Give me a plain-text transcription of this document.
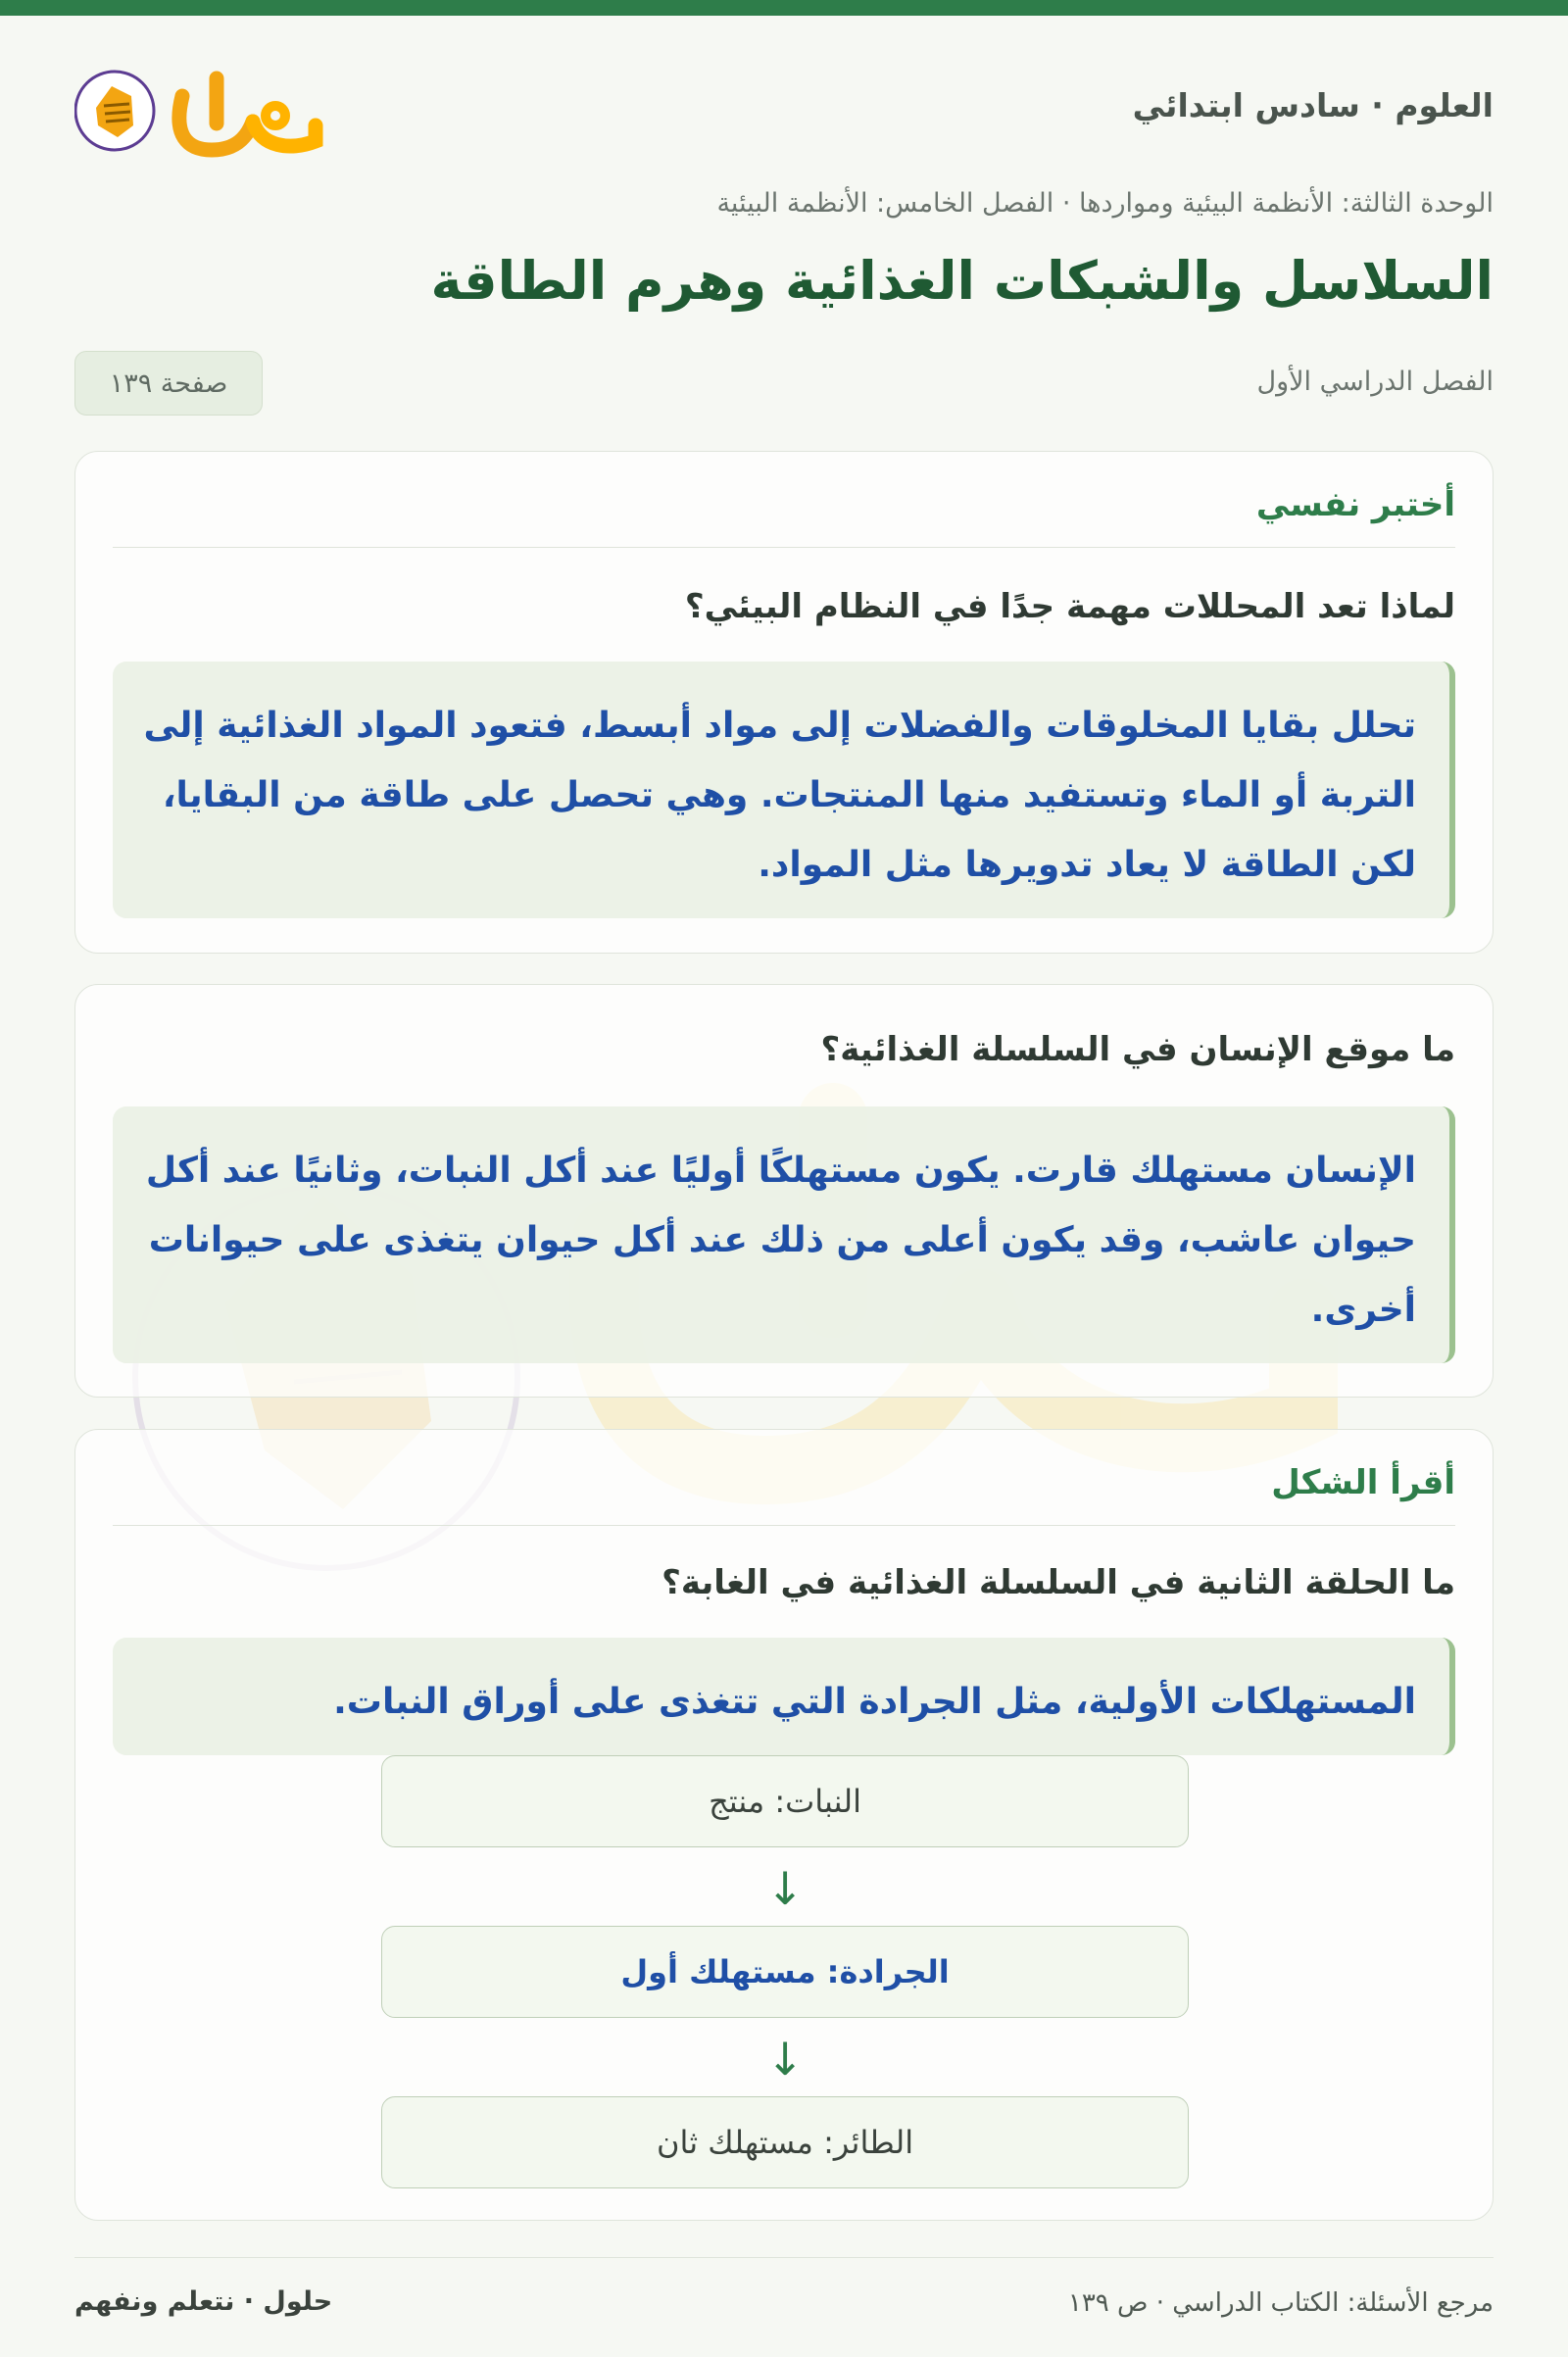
العلوم · سادس ابتدائي
الوحدة الثالثة: الأنظمة البيئية ومواردها · الفصل الخامس: الأنظمة البيئية
السلاسل والشبكات الغذائية وهرم الطاقة
الفصل الدراسي الأول
صفحة ١٣٩
أختبر نفسي
لماذا تعد المحللات مهمة جدًا في النظام البيئي؟
تحلل بقايا المخلوقات والفضلات إلى مواد أبسط، فتعود المواد الغذائية إلى التربة أو الماء وتستفيد منها المنتجات. وهي تحصل على طاقة من البقايا، لكن الطاقة لا يعاد تدويرها مثل المواد.
ما موقع الإنسان في السلسلة الغذائية؟
الإنسان مستهلك قارت. يكون مستهلكًا أوليًا عند أكل النبات، وثانيًا عند أكل حيوان عاشب، وقد يكون أعلى من ذلك عند أكل حيوان يتغذى على حيوانات أخرى.
أقرأ الشكل
ما الحلقة الثانية في السلسلة الغذائية في الغابة؟
المستهلكات الأولية، مثل الجرادة التي تتغذى على أوراق النبات.
النبات: منتج
↓
الجرادة: مستهلك أول
↓
الطائر: مستهلك ثان
مرجع الأسئلة: الكتاب الدراسي · ص ١٣٩
حلول · نتعلم ونفهم
